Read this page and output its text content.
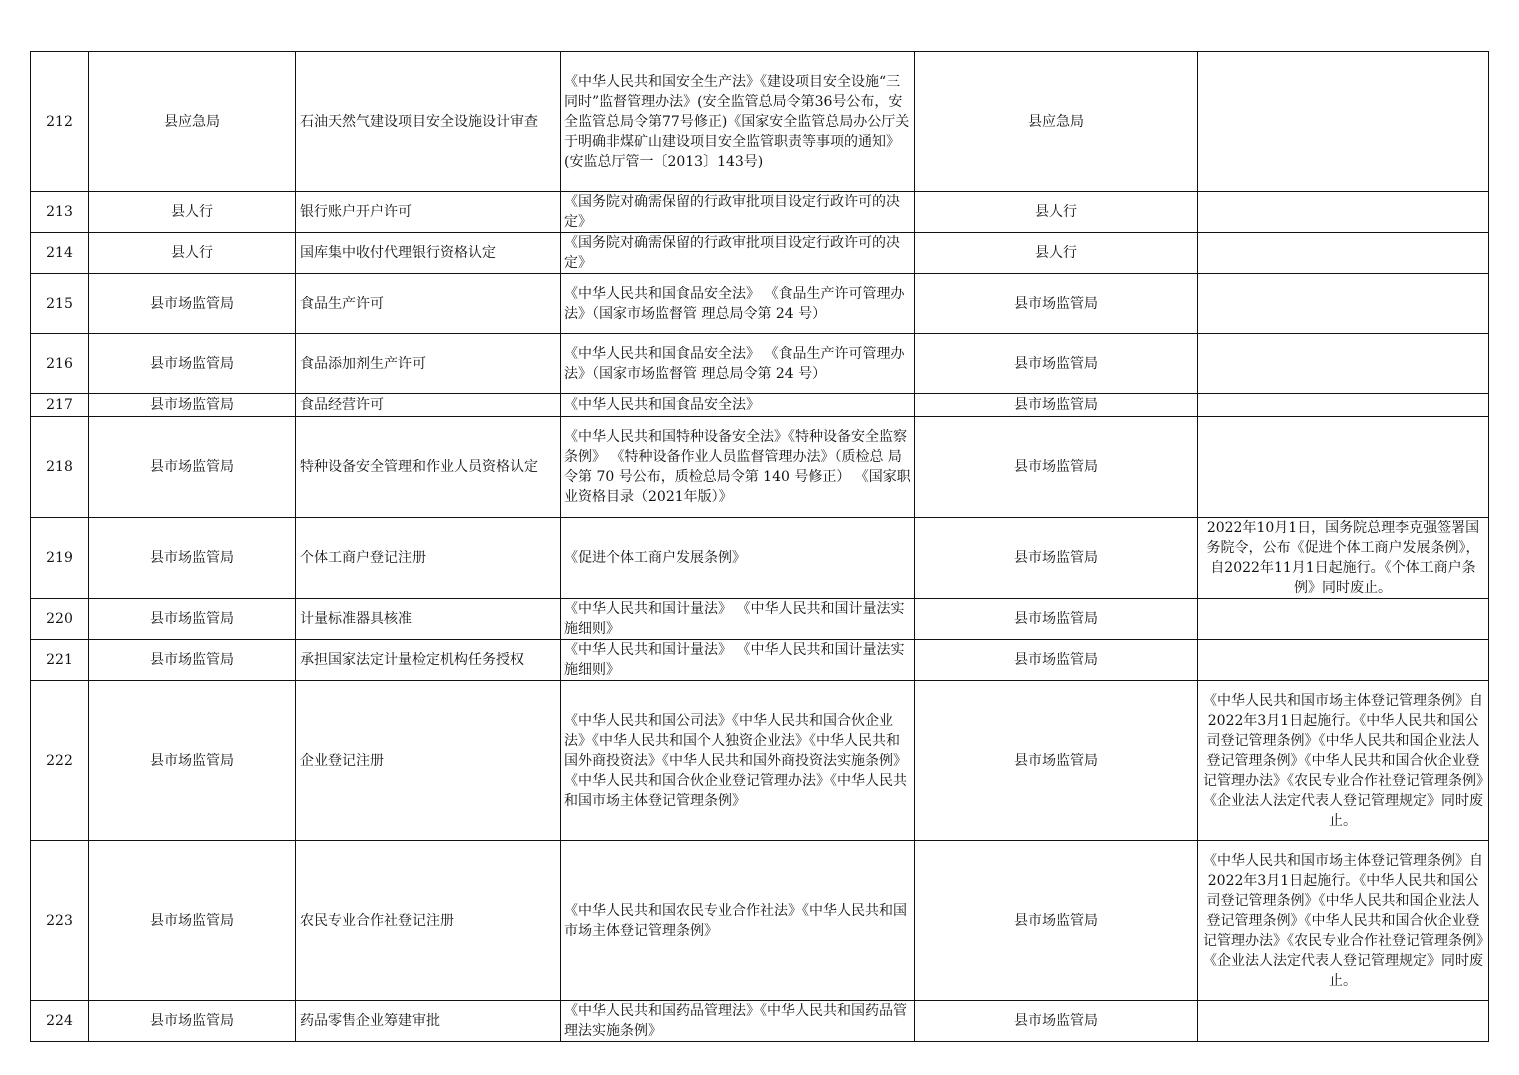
212	县应急局	石油天然气建设项目安全设施设计审查	《中华人民共和国安全生产法》《建设项目安全设施“三同时”监督管理办法》(安全监管总局令第36号公布，安全监管总局令第77号修正)《国家安全监管总局办公厅关于明确非煤矿山建设项目安全监管职责等事项的通知》(安监总厅管一〔2013〕143号)	县应急局	
213	县人行	银行账户开户许可	《国务院对确需保留的行政审批项目设定行政许可的决定》	县人行	
214	县人行	国库集中收付代理银行资格认定	《国务院对确需保留的行政审批项目设定行政许可的决定》	县人行	
215	县市场监管局	食品生产许可	《中华人民共和国食品安全法》 《食品生产许可管理办法》（国家市场监督管 理总局令第 24 号）	县市场监管局	
216	县市场监管局	食品添加剂生产许可	《中华人民共和国食品安全法》 《食品生产许可管理办法》（国家市场监督管 理总局令第 24 号）	县市场监管局	
217	县市场监管局	食品经营许可	《中华人民共和国食品安全法》	县市场监管局	
218	县市场监管局	特种设备安全管理和作业人员资格认定	《中华人民共和国特种设备安全法》《特种设备安全监察条例》 《特种设备作业人员监督管理办法》（质检总 局令第 70 号公布，质检总局令第 140 号修正） 《国家职业资格目录（2021年版）》	县市场监管局	
219	县市场监管局	个体工商户登记注册	《促进个体工商户发展条例》	县市场监管局	2022年10月1日，国务院总理李克强签署国务院令，公布《促进个体工商户发展条例》，自2022年11月1日起施行。《个体工商户条例》同时废止。
220	县市场监管局	计量标准器具核准	《中华人民共和国计量法》 《中华人民共和国计量法实施细则》	县市场监管局	
221	县市场监管局	承担国家法定计量检定机构任务授权	《中华人民共和国计量法》 《中华人民共和国计量法实施细则》	县市场监管局	
222	县市场监管局	企业登记注册	《中华人民共和国公司法》《中华人民共和国合伙企业法》《中华人民共和国个人独资企业法》《中华人民共和国外商投资法》《中华人民共和国外商投资法实施条例》《中华人民共和国合伙企业登记管理办法》《中华人民共和国市场主体登记管理条例》	县市场监管局	《中华人民共和国市场主体登记管理条例》自2022年3月1日起施行。《中华人民共和国公司登记管理条例》《中华人民共和国企业法人登记管理条例》《中华人民共和国合伙企业登记管理办法》《农民专业合作社登记管理条例》《企业法人法定代表人登记管理规定》同时废止。
223	县市场监管局	农民专业合作社登记注册	《中华人民共和国农民专业合作社法》《中华人民共和国市场主体登记管理条例》	县市场监管局	《中华人民共和国市场主体登记管理条例》自2022年3月1日起施行。《中华人民共和国公司登记管理条例》《中华人民共和国企业法人登记管理条例》《中华人民共和国合伙企业登记管理办法》《农民专业合作社登记管理条例》《企业法人法定代表人登记管理规定》同时废止。
224	县市场监管局	药品零售企业筹建审批	《中华人民共和国药品管理法》《中华人民共和国药品管理法实施条例》	县市场监管局	
